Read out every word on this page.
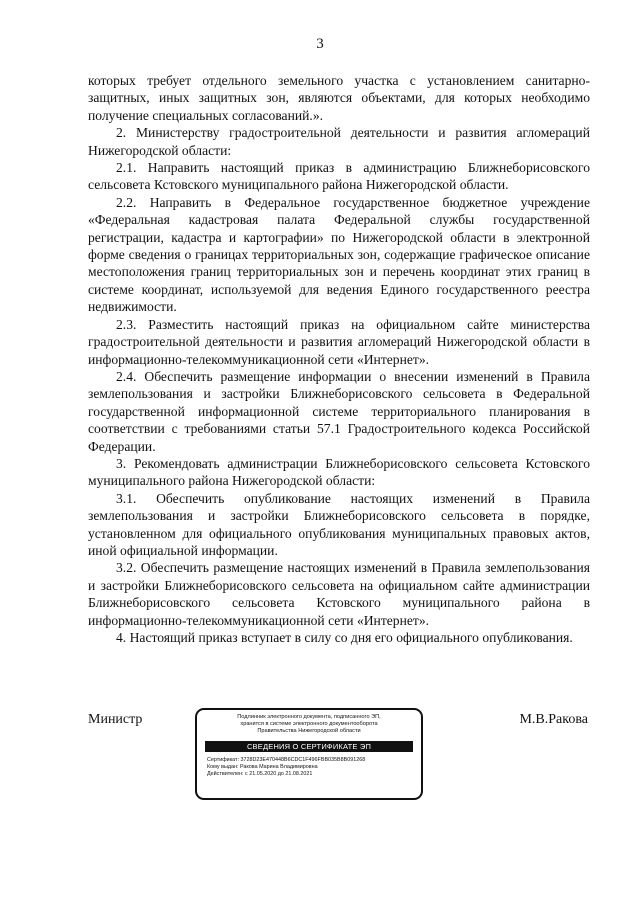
3

которых требует отдельного земельного участка с установлением санитарно-защитных, иных защитных зон, являются объектами, для которых необходимо получение специальных согласований.».

2. Министерству градостроительной деятельности и развития агломераций Нижегородской области:

2.1. Направить настоящий приказ в администрацию Ближнеборисовского сельсовета Кстовского муниципального района Нижегородской области.

2.2. Направить в Федеральное государственное бюджетное учреждение «Федеральная кадастровая палата Федеральной службы государственной регистрации, кадастра и картографии» по Нижегородской области в электронной форме сведения о границах территориальных зон, содержащие графическое описание местоположения границ территориальных зон и перечень координат этих границ в системе координат, используемой для ведения Единого государственного реестра недвижимости.

2.3. Разместить настоящий приказ на официальном сайте министерства градостроительной деятельности и развития агломераций Нижегородской области в информационно-телекоммуникационной сети «Интернет».

2.4. Обеспечить размещение информации о внесении изменений в Правила землепользования и застройки Ближнеборисовского сельсовета в Федеральной государственной информационной системе территориального планирования в соответствии с требованиями статьи 57.1 Градостроительного кодекса Российской Федерации.

3. Рекомендовать администрации Ближнеборисовского сельсовета Кстовского муниципального района Нижегородской области:

3.1. Обеспечить опубликование настоящих изменений в Правила землепользования и застройки Ближнеборисовского сельсовета в порядке, установленном для официального опубликования муниципальных правовых актов, иной официальной информации.

3.2. Обеспечить размещение настоящих изменений в Правила землепользования и застройки Ближнеборисовского сельсовета на официальном сайте администрации Ближнеборисовского сельсовета Кстовского муниципального района в информационно-телекоммуникационной сети «Интернет».

4. Настоящий приказ вступает в силу со дня его официального опубликования.

Министр	Подлинник электронного документа, подписанного ЭП,
хранится в системе электронного документооборота
Правительства Нижегородской области
СВЕДЕНИЯ О СЕРТИФИКАТЕ ЭП
Сертификат: 3728D23E470448B6CDC1F496FBB035B8B091268
Кому выдан: Ракова Марина Владимировна
Действителен: с 21.05.2020 до 21.08.2021
М.В.Ракова
